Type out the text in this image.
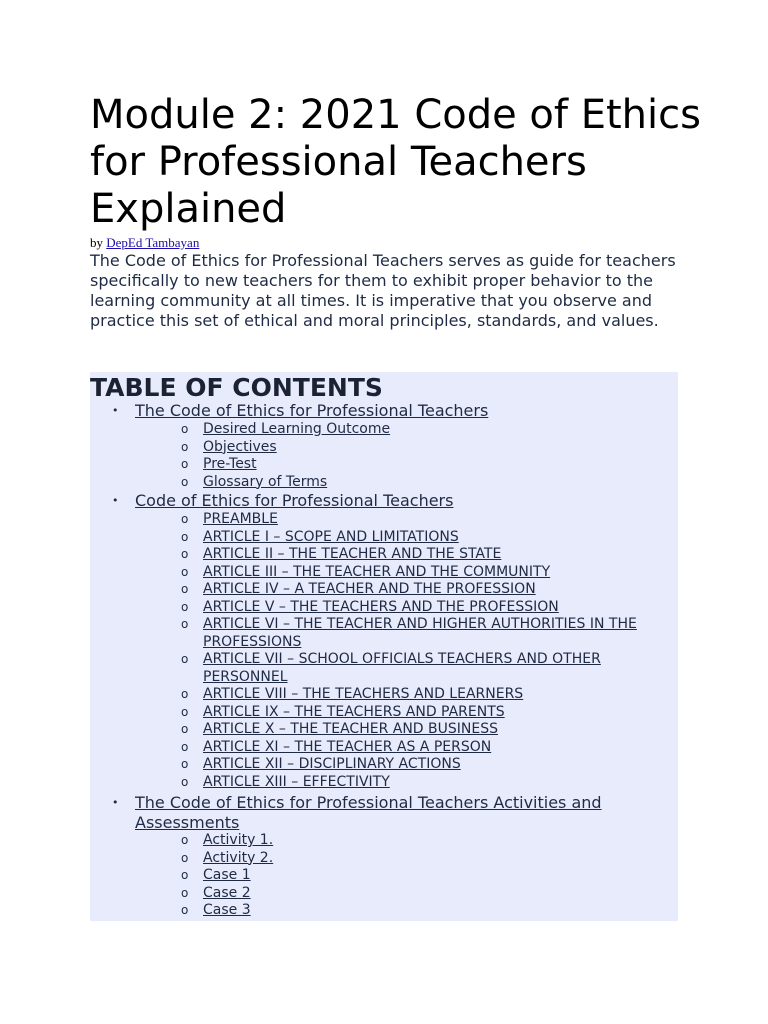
Module 2: 2021 Code of Ethics for Professional Teachers Explained
by DepEd Tambayan

The Code of Ethics for Professional Teachers serves as guide for teachers specifically to new teachers for them to exhibit proper behavior to the learning community at all times. It is imperative that you observe and practice this set of ethical and moral principles, standards, and values.

TABLE OF CONTENTS
• The Code of Ethics for Professional Teachers
o Desired Learning Outcome
o Objectives
o Pre-Test
o Glossary of Terms
• Code of Ethics for Professional Teachers
o PREAMBLE
o ARTICLE I – SCOPE AND LIMITATIONS
o ARTICLE II – THE TEACHER AND THE STATE
o ARTICLE III – THE TEACHER AND THE COMMUNITY
o ARTICLE IV – A TEACHER AND THE PROFESSION
o ARTICLE V – THE TEACHERS AND THE PROFESSION
o ARTICLE VI – THE TEACHER AND HIGHER AUTHORITIES IN THE PROFESSIONS
o ARTICLE VII – SCHOOL OFFICIALS TEACHERS AND OTHER PERSONNEL
o ARTICLE VIII – THE TEACHERS AND LEARNERS
o ARTICLE IX – THE TEACHERS AND PARENTS
o ARTICLE X – THE TEACHER AND BUSINESS
o ARTICLE XI – THE TEACHER AS A PERSON
o ARTICLE XII – DISCIPLINARY ACTIONS
o ARTICLE XIII – EFFECTIVITY
• The Code of Ethics for Professional Teachers Activities and Assessments
o Activity 1.
o Activity 2.
o Case 1
o Case 2
o Case 3
